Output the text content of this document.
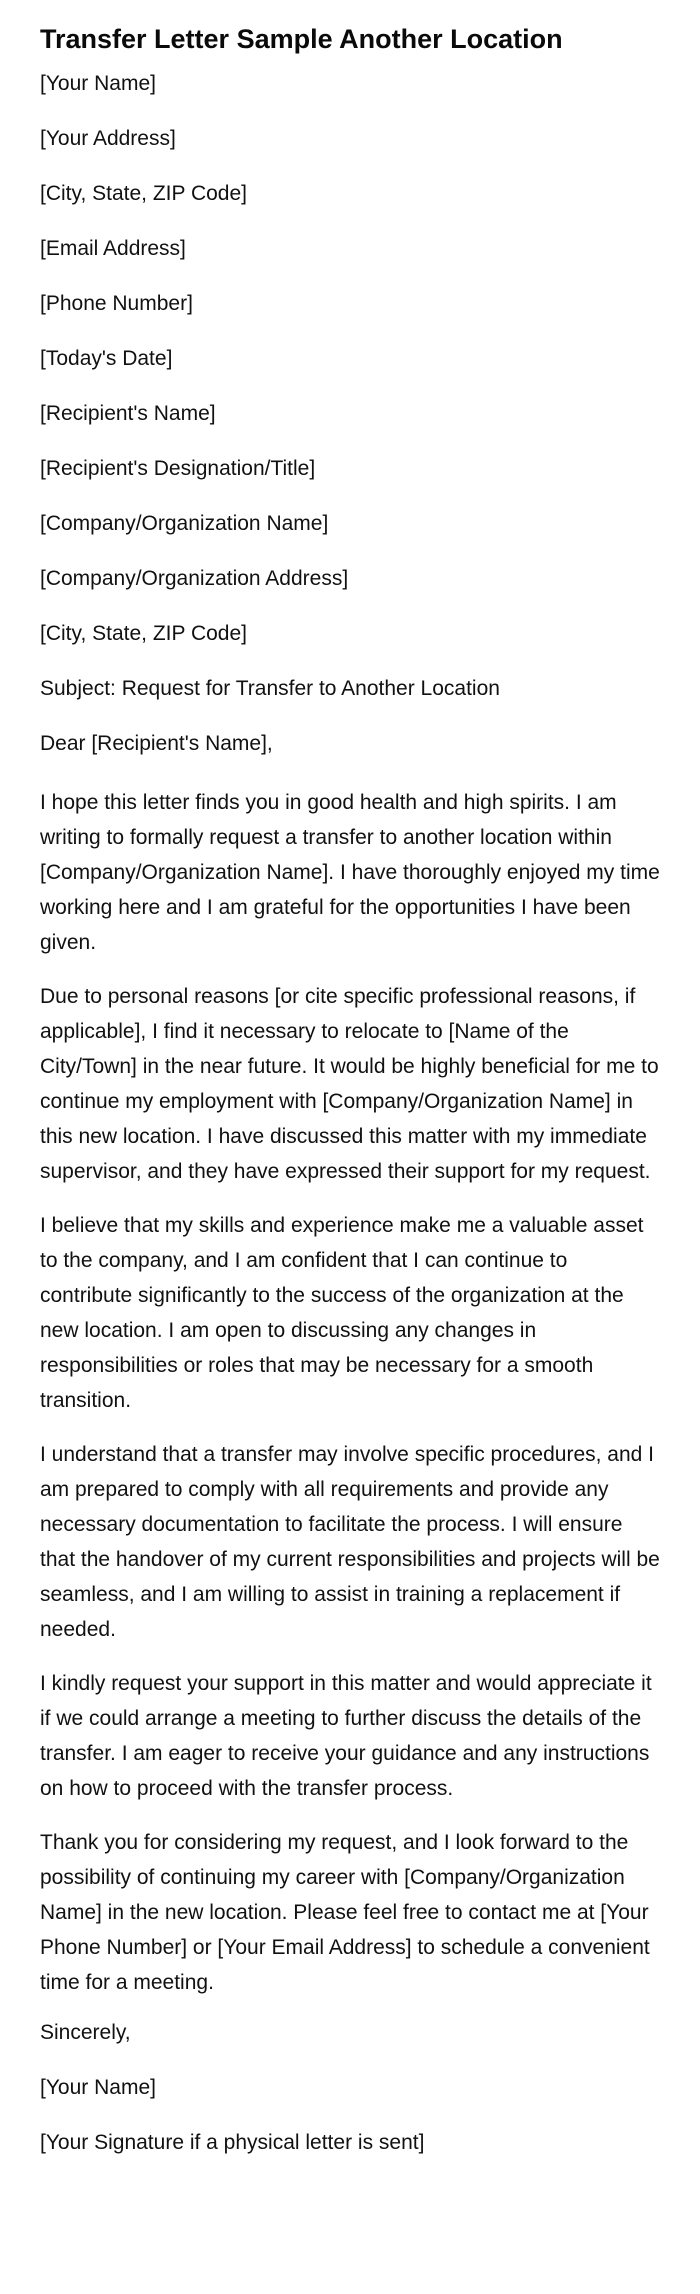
Transfer Letter Sample Another Location
[Your Name]
[Your Address]
[City, State, ZIP Code]
[Email Address]
[Phone Number]
[Today's Date]
[Recipient's Name]
[Recipient's Designation/Title]
[Company/Organization Name]
[Company/Organization Address]
[City, State, ZIP Code]
Subject: Request for Transfer to Another Location
Dear [Recipient's Name],

I hope this letter finds you in good health and high spirits. I am writing to formally request a transfer to another location within [Company/Organization Name]. I have thoroughly enjoyed my time working here and I am grateful for the opportunities I have been given.

Due to personal reasons [or cite specific professional reasons, if applicable], I find it necessary to relocate to [Name of the City/Town] in the near future. It would be highly beneficial for me to continue my employment with [Company/Organization Name] in this new location. I have discussed this matter with my immediate supervisor, and they have expressed their support for my request.

I believe that my skills and experience make me a valuable asset to the company, and I am confident that I can continue to contribute significantly to the success of the organization at the new location. I am open to discussing any changes in responsibilities or roles that may be necessary for a smooth transition.

I understand that a transfer may involve specific procedures, and I am prepared to comply with all requirements and provide any necessary documentation to facilitate the process. I will ensure that the handover of my current responsibilities and projects will be seamless, and I am willing to assist in training a replacement if needed.

I kindly request your support in this matter and would appreciate it if we could arrange a meeting to further discuss the details of the transfer. I am eager to receive your guidance and any instructions on how to proceed with the transfer process.

Thank you for considering my request, and I look forward to the possibility of continuing my career with [Company/Organization Name] in the new location. Please feel free to contact me at [Your Phone Number] or [Your Email Address] to schedule a convenient time for a meeting.

Sincerely,
[Your Name]
[Your Signature if a physical letter is sent]
